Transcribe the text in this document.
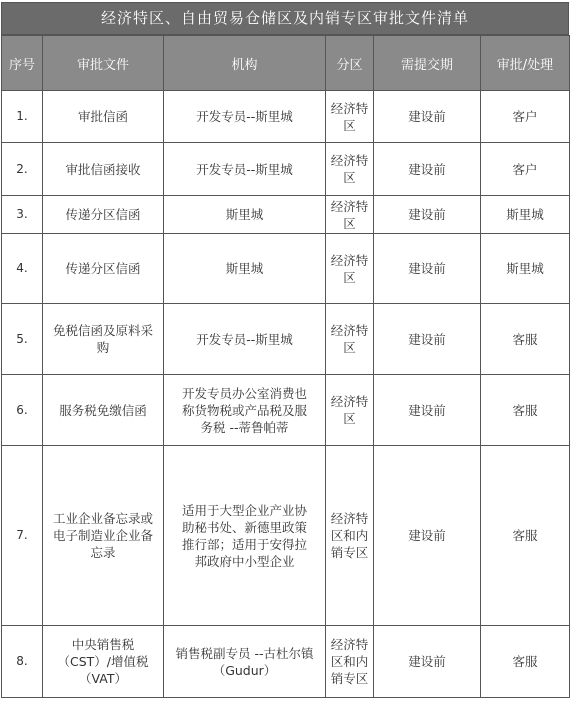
经济特区、自由贸易仓储区及内销专区审批文件清单
序号	审批文件	机构	分区	需提交期	审批/处理
1.	审批信函	开发专员--斯里城	经济特区	建设前	客户
2.	审批信函接收	开发专员--斯里城	经济特区	建设前	客户
3.	传递分区信函	斯里城	经济特区	建设前	斯里城
4.	传递分区信函	斯里城	经济特区	建设前	斯里城
5.	免税信函及原料采购	开发专员--斯里城	经济特区	建设前	客服
6.	服务税免缴信函	开发专员办公室消费也称货物税或产品税及服务税 --蒂鲁帕蒂	经济特区	建设前	客服
7.	工业企业备忘录或电子制造业企业备忘录	适用于大型企业产业协助秘书处、新德里政策推行部；适用于安得拉邦政府中小型企业	经济特区和内销专区	建设前	客服
8.	中央销售税（CST）/增值税（VAT）	销售税副专员 --古杜尔镇（Gudur）	经济特区和内销专区	建设前	客服
